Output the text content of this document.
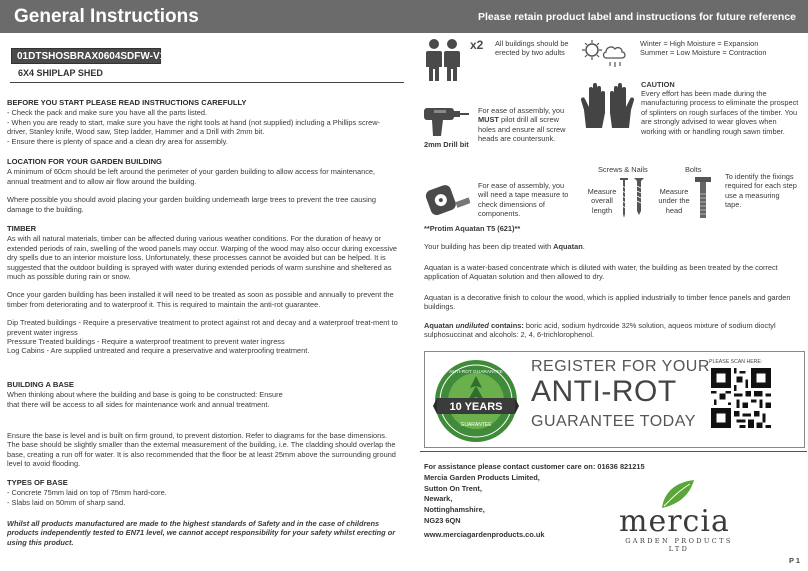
General Instructions	Please retain product label and instructions for future reference
01DTSHOSBRAX0604SDFW-V1
6X4 SHIPLAP SHED
BEFORE YOU START PLEASE READ INSTRUCTIONS CAREFULLY

- Check the pack and make sure you have all the parts listed.

- When you are ready to start, make sure you have the right tools at hand (not supplied) including a Phillips screw-driver, Stanley knife, Wood saw, Step ladder, Hammer and a Drill with 2mm bit.

- Ensure there is plenty of space and a clean dry area for assembly.

LOCATION FOR YOUR GARDEN BUILDING

A minimum of 60cm should be left around the perimeter of your garden building to allow access for maintenance, annual treatment and to allow air flow around the building.

Where possible you should avoid placing your garden building underneath large trees to prevent the tree causing damage to the building.

TIMBER

As with all natural materials, timber can be affected during various weather conditions. For the duration of heavy or extended periods of rain, swelling of the wood panels may occur. Warping of the wood may also occur during excessive dry spells due to an interior moisture loss. Unfortunately, these processes cannot be avoided but can be helped. It is suggested that the outdoor building is sprayed with water during extended periods of warm sunshine and sheltered as much as possible during rain or snow.

Once your garden building has been installed it will need to be treated as soon as possible and annually to prevent the timber from deteriorating and to waterproof it. This is required to maintain the anti-rot guarantee.

Dip Treated buildings - Require a preservative treatment to protect against rot and decay and a waterproof treat-ment to prevent water ingress

Pressure Treated buildings - Require a waterproof treatment to prevent water ingress

Log Cabins - Are supplied untreated and require a preservative and waterproofing treatment.

BUILDING A BASE

When thinking about where the building and base is going to be constructed: Ensure that there will be access to all sides for maintenance work and annual treatment.

Ensure the base is level and is built on firm ground, to prevent distortion. Refer to diagrams for the base dimensions. The base should be slightly smaller than the external measurement of the building, i.e. The cladding should overlap the base, creating a run off for water. It is also recommended that the floor be at least 25mm above the surrounding ground level to avoid flooding.

TYPES OF BASE

- Concrete 75mm laid on top of 75mm hard-core.

- Slabs laid on 50mm of sharp sand.

Whilst all products manufactured are made to the highest standards of Safety and in the case of childrens products independently tested to EN71 level, we cannot accept responsibility for your safety whilst erecting or using this product.

x2 All buildings should be erected by two adults
Winter = High Moisture = Expansion
Summer = Low Moisture = Contraction
CAUTION
Every effort has been made during the manufacturing process to eliminate the prospect of splinters on rough surfaces of the timber. You are strongly advised to wear gloves when working with or handling rough sawn timber.
2mm Drill bit
For ease of assembly, you MUST pilot drill all screw holes and ensure all screw heads are countersunk.
For ease of assembly, you will need a tape measure to check dimensions of components.
Screws & Nails	Bolts
Measure overall length
Measure under the head
To identify the fixings required for each step use a measuring tape.
**Protim Aquatan T5 (621)**
Your building has been dip treated with Aquatan.
Aquatan is a water-based concentrate which is diluted with water, the building as been treated by the correct application of Aquatan solution and then allowed to dry.
Aquatan is a decorative finish to colour the wood, which is applied industrially to timber fence panels and garden buildings.
Aquatan undiluted contains: boric acid, sodium hydroxide 32% solution, aqueos mixture of sodium dioctyl sulphosuccinat and alcohols: 2, 4, 6-trichlorophenol.
10 YEARS
ANTI-ROT GUARANTEE
GUARANTEE
REGISTER FOR YOUR
ANTI-ROT
GUARANTEE TODAY
PLEASE SCAN HERE:
For assistance please contact customer care on: 01636 821215
Mercia Garden Products Limited,
Sutton On Trent,
Newark,
Nottinghamshire,
NG23 6QN
www.merciagardenproducts.co.uk mercia
GARDEN PRODUCTS LTD
P 1
